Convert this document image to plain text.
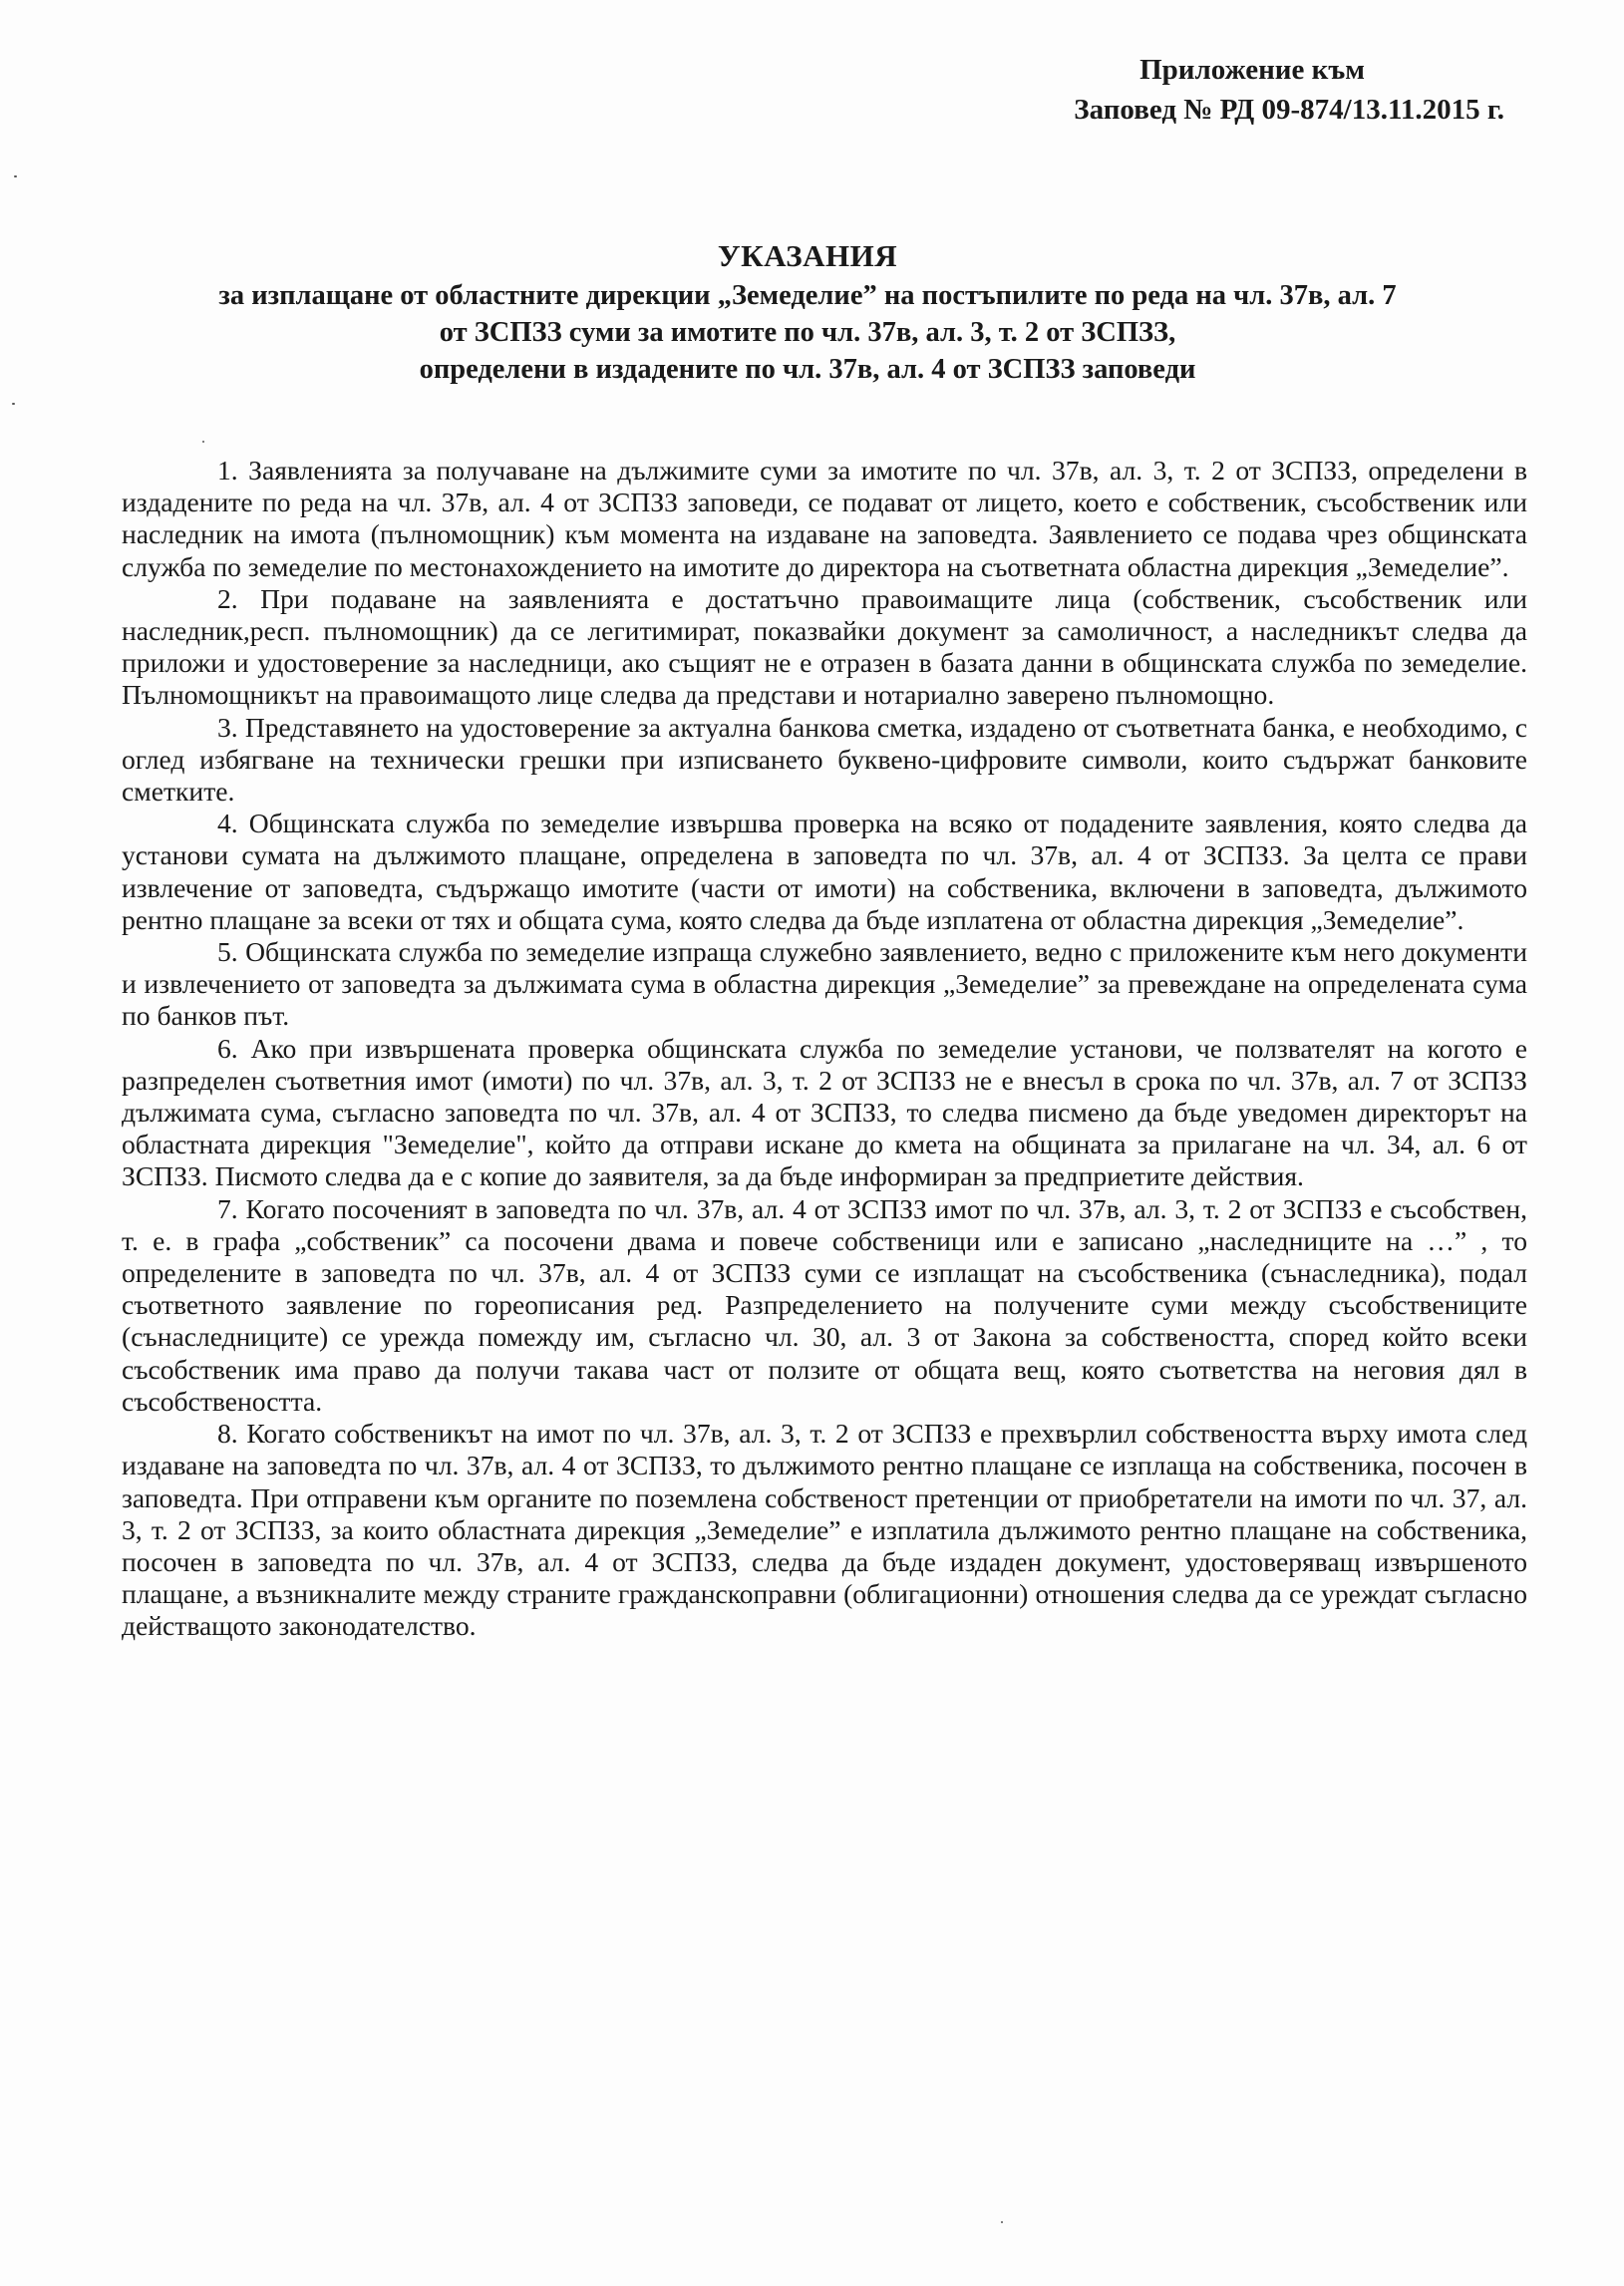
Приложение към
Заповед № РД 09-874/13.11.2015 г.
УКАЗАНИЯ
за изплащане от областните дирекции „Земеделие” на постъпилите по реда на чл. 37в, ал. 7
от ЗСПЗЗ суми за имотите по чл. 37в, ал. 3, т. 2 от ЗСПЗЗ,
определени в издадените по чл. 37в, ал. 4 от ЗСПЗЗ заповеди

1. Заявленията за получаване на дължимите суми за имотите по чл. 37в, ал. 3, т. 2 от ЗСПЗЗ, определени в издадените по реда на чл. 37в, ал. 4 от ЗСПЗЗ заповеди, се подават от лицето, което е собственик, съсобственик или наследник на имота (пълномощник) към момента на издаване на заповедта. Заявлението се подава чрез общинската служба по земеделие по местонахождението на имотите до директора на съответната областна дирекция „Земеделие”.

2. При подаване на заявленията е достатъчно правоимащите лица (собственик, съсобственик или наследник,респ. пълномощник) да се легитимират, показвайки документ за самоличност, а наследникът следва да приложи и удостоверение за наследници, ако същият не е отразен в базата данни в общинската служба по земеделие. Пълномощникът на правоимащото лице следва да представи и нотариално заверено пълномощно.

3. Представянето на удостоверение за актуална банкова сметка, издадено от съответната банка, е необходимо, с оглед избягване на технически грешки при изписването буквено-цифровите символи, които съдържат банковите сметките.

4. Общинската служба по земеделие извършва проверка на всяко от подадените заявления, която следва да установи сумата на дължимото плащане, определена в заповедта по чл. 37в, ал. 4 от ЗСПЗЗ. За целта се прави извлечение от заповедта, съдържащо имотите (части от имоти) на собственика, включени в заповедта, дължимото рентно плащане за всеки от тях и общата сума, която следва да бъде изплатена от областна дирекция „Земеделие”.

5. Общинската служба по земеделие изпраща служебно заявлението, ведно с приложените към него документи и извлечението от заповедта за дължимата сума в областна дирекция „Земеделие” за превеждане на определената сума по банков път.

6. Ако при извършената проверка общинската служба по земеделие установи, че ползвателят на когото е разпределен съответния имот (имоти) по чл. 37в, ал. 3, т. 2 от ЗСПЗЗ не е внесъл в срока по чл. 37в, ал. 7 от ЗСПЗЗ дължимата сума, съгласно заповедта по чл. 37в, ал. 4 от ЗСПЗЗ, то следва писмено да бъде уведомен директорът на областната дирекция "Земеделие", който да отправи искане до кмета на общината за прилагане на чл. 34, ал. 6 от ЗСПЗЗ. Писмото следва да е с копие до заявителя, за да бъде информиран за предприетите действия.

7. Когато посоченият в заповедта по чл. 37в, ал. 4 от ЗСПЗЗ имот по чл. 37в, ал. 3, т. 2 от ЗСПЗЗ е съсобствен, т. е. в графа „собственик” са посочени двама и повече собственици или е записано „наследниците на …” , то определените в заповедта по чл. 37в, ал. 4 от ЗСПЗЗ суми се изплащат на съсобственика (сънаследника), подал съответното заявление по гореописания ред. Разпределението на получените суми между съсобствениците (сънаследниците) се урежда помежду им, съгласно чл. 30, ал. 3 от Закона за собствеността, според който всеки съсобственик има право да получи такава част от ползите от общата вещ, която съответства на неговия дял в съсобствеността.

8. Когато собственикът на имот по чл. 37в, ал. 3, т. 2 от ЗСПЗЗ е прехвърлил собствеността върху имота след издаване на заповедта по чл. 37в, ал. 4 от ЗСПЗЗ, то дължимото рентно плащане се изплаща на собственика, посочен в заповедта. При отправени към органите по поземлена собственост претенции от приобретатели на имоти по чл. 37, ал. 3, т. 2 от ЗСПЗЗ, за които областната дирекция „Земеделие” е изплатила дължимото рентно плащане на собственика, посочен в заповедта по чл. 37в, ал. 4 от ЗСПЗЗ, следва да бъде издаден документ, удостоверяващ извършеното плащане, а възникналите между страните гражданскоправни (облигационни) отношения следва да се уреждат съгласно действащото законодателство.
